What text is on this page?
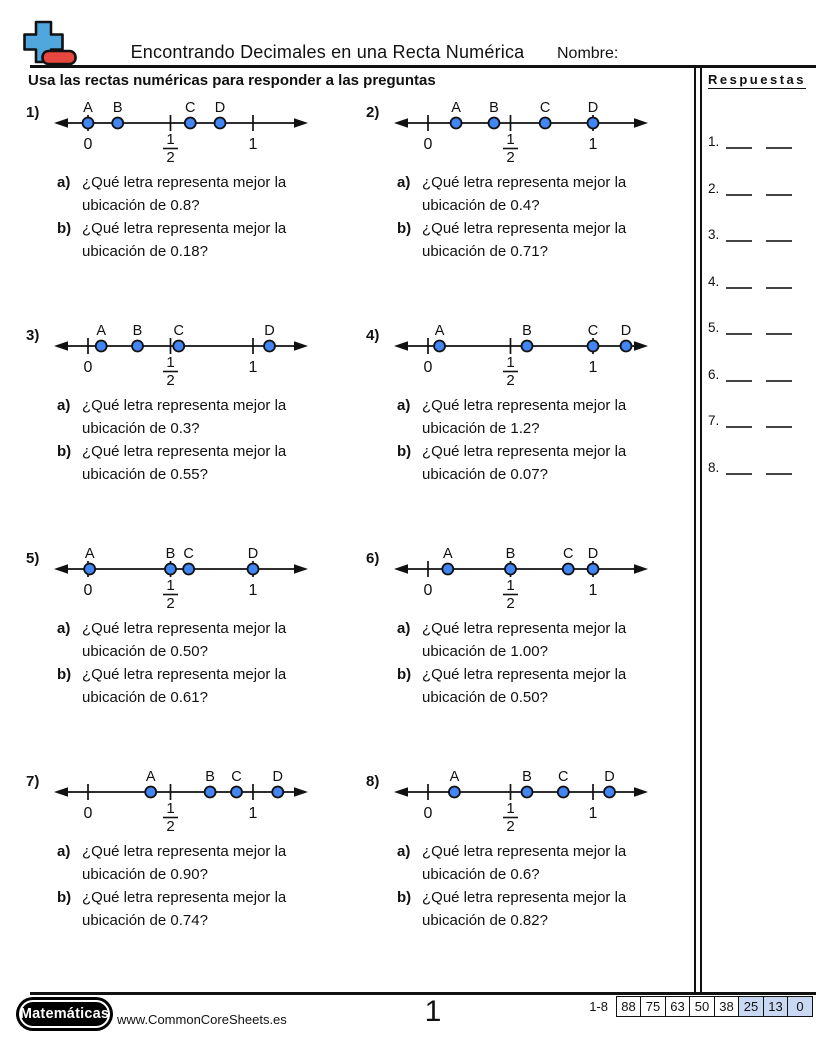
Encontrando Decimales en una Recta Numérica	Nombre:
Usa las rectas numéricas para responder a las preguntas
1)
0	1
2
1
A B	C D
a) ¿Qué letra representa mejor la ubicación de 0.8?
b) ¿Qué letra representa mejor la ubicación de 0.18?
2)
0	1
2
1
A B	C	D
a) ¿Qué letra representa mejor la ubicación de 0.4?
b) ¿Qué letra representa mejor la ubicación de 0.71?
3)
0	1
2
1
A B C	D
a) ¿Qué letra representa mejor la ubicación de 0.3?
b) ¿Qué letra representa mejor la ubicación de 0.55?
4)
0	1
2
1
A	B	C D
a) ¿Qué letra representa mejor la ubicación de 1.2?
b) ¿Qué letra representa mejor la ubicación de 0.07?
5)
0	1
2
1
A	B C	D
a) ¿Qué letra representa mejor la ubicación de 0.50?
b) ¿Qué letra representa mejor la ubicación de 0.61?
6)
0	1
2
1
A	B	C D
a) ¿Qué letra representa mejor la ubicación de 1.00?
b) ¿Qué letra representa mejor la ubicación de 0.50?
7)
0	1
2
1
A	B C D
a) ¿Qué letra representa mejor la ubicación de 0.90?
b) ¿Qué letra representa mejor la ubicación de 0.74?
8)
0	1
2
1
A	B C D
a) ¿Qué letra representa mejor la ubicación de 0.6?
b) ¿Qué letra representa mejor la ubicación de 0.82?
Respuestas
1.
2.
3.
4.
5.
6.
7.
8.
Matemáticas www.CommonCoreSheets.es	1	1-8	88 75 63 50 38 25 13	0
